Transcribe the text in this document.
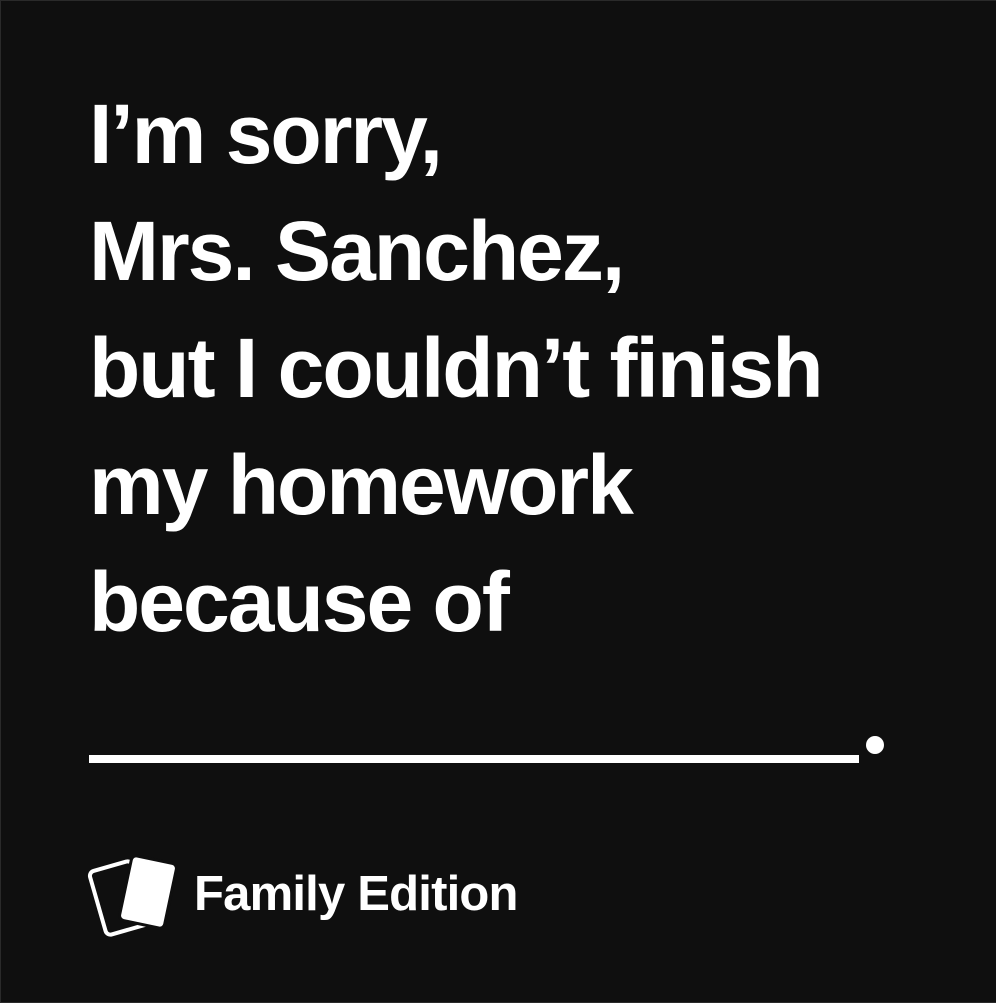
I’m sorry,
Mrs. Sanchez,
but I couldn’t finish
my homework
because of

Family Edition
